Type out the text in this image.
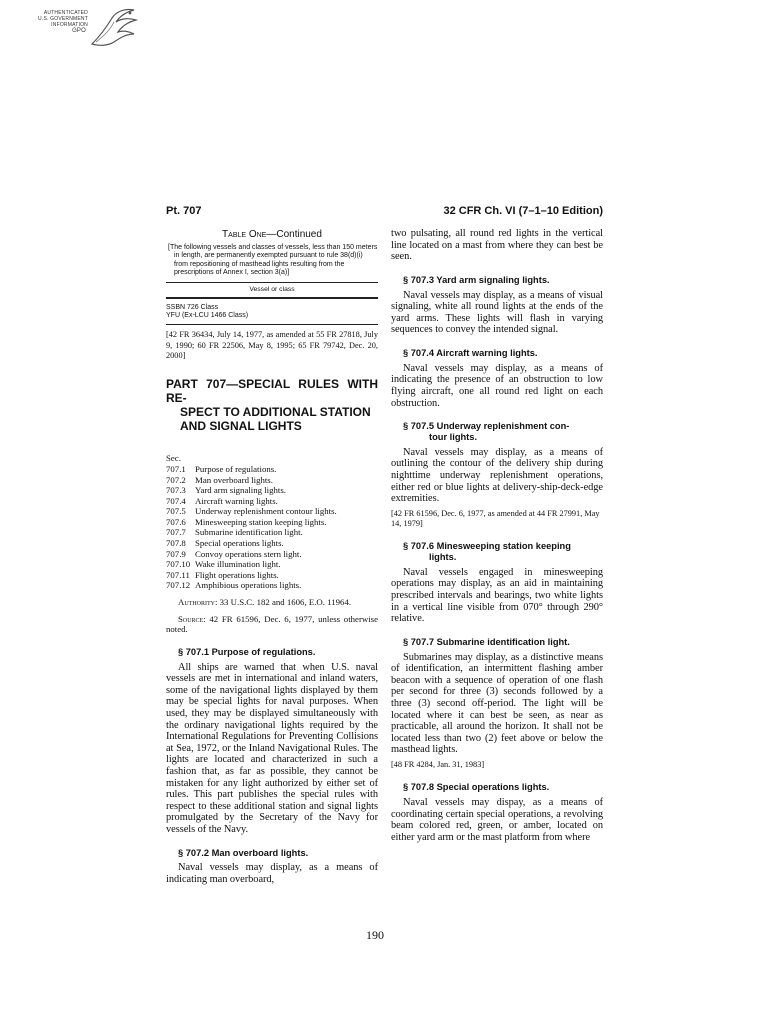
AUTHENTICATED
U.S. GOVERNMENT
INFORMATION
GPO
Pt. 707	32 CFR Ch. VI (7–1–10 Edition)
Table One—Continued
[The following vessels and classes of vessels, less than 150 meters in length, are permanently exempted pursuant to rule 38(d)(i) from repositioning of masthead lights resulting from the prescriptions of Annex I, section 3(a)]
Vessel or class
SSBN 726 Class
YFU (Ex-LCU 1466 Class)
[42 FR 36434, July 14, 1977, as amended at 55 FR 27818, July 9, 1990; 60 FR 22506, May 8, 1995; 65 FR 79742, Dec. 20, 2000]
PART 707—SPECIAL RULES WITH RE-
SPECT TO ADDITIONAL STATION
AND SIGNAL LIGHTS
Sec.
707.1	Purpose of regulations.
707.2	Man overboard lights.
707.3	Yard arm signaling lights.
707.4	Aircraft warning lights.
707.5	Underway replenishment contour lights.
707.6	Minesweeping station keeping lights.
707.7	Submarine identification light.
707.8	Special operations lights.
707.9	Convoy operations stern light.
707.10 Wake illumination light.
707.11 Flight operations lights.
707.12 Amphibious operations lights.
Authority: 33 U.S.C. 182 and 1606, E.O. 11964.
Source: 42 FR 61596, Dec. 6, 1977, unless otherwise noted.
§ 707.1 Purpose of regulations.
All ships are warned that when U.S. naval vessels are met in international and inland waters, some of the navigational lights displayed by them may be special lights for naval purposes. When used, they may be displayed simultaneously with the ordinary navigational lights required by the International Regulations for Preventing Collisions at Sea, 1972, or the Inland Navigational Rules. The lights are located and characterized in such a fashion that, as far as possible, they cannot be mistaken for any light authorized by either set of rules. This part publishes the special rules with respect to these additional station and signal lights promulgated by the Secretary of the Navy for vessels of the Navy.
§ 707.2 Man overboard lights.
Naval vessels may display, as a means of indicating man overboard,
two pulsating, all round red lights in the vertical line located on a mast from where they can best be seen.
§ 707.3 Yard arm signaling lights.
Naval vessels may display, as a means of visual signaling, white all round lights at the ends of the yard arms. These lights will flash in varying sequences to convey the intended signal.
§ 707.4 Aircraft warning lights.
Naval vessels may display, as a means of indicating the presence of an obstruction to low flying aircraft, one all round red light on each obstruction.
§ 707.5 Underway replenishment con-
tour lights.
Naval vessels may display, as a means of outlining the contour of the delivery ship during nighttime underway replenishment operations, either red or blue lights at delivery-ship-deck-edge extremities.
[42 FR 61596, Dec. 6, 1977, as amended at 44 FR 27991, May 14, 1979]
§ 707.6 Minesweeping station keeping
lights.
Naval vessels engaged in minesweeping operations may display, as an aid in maintaining prescribed intervals and bearings, two white lights in a vertical line visible from 070° through 290° relative.
§ 707.7 Submarine identification light.
Submarines may display, as a distinctive means of identification, an intermittent flashing amber beacon with a sequence of operation of one flash per second for three (3) seconds followed by a three (3) second off-period. The light will be located where it can best be seen, as near as practicable, all around the horizon. It shall not be located less than two (2) feet above or below the masthead lights.
[48 FR 4284, Jan. 31, 1983]
§ 707.8 Special operations lights.
Naval vessels may dispay, as a means of coordinating certain special operations, a revolving beam colored red, green, or amber, located on either yard arm or the mast platform from where
190
